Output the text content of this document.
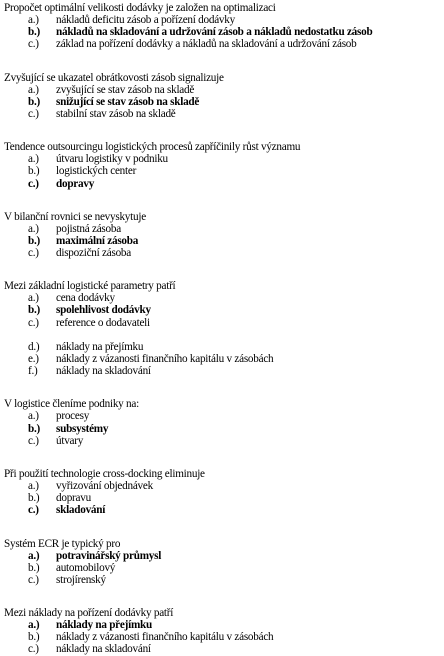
Propočet optimální velikosti dodávky je založen na optimalizaci
a.)	nákladů deficitu zásob a pořízení dodávky
b.)	nákladů na skladování a udržování zásob a nákladů nedostatku zásob
c.)	základ na pořízení dodávky a nákladů na skladování a udržování zásob
Zvyšující se ukazatel obrátkovosti zásob signalizuje
a.)	zvyšující se stav zásob na skladě
b.)	snižující se stav zásob na skladě
c.)	stabilní stav zásob na skladě
Tendence outsourcingu logistických procesů zapříčinily růst významu
a.)	útvaru logistiky v podniku
b.)	logistických center
c.)	dopravy
V bilanční rovnici se nevyskytuje
a.)	pojistná zásoba
b.)	maximální zásoba
c.)	dispoziční zásoba
Mezi základní logistické parametry patří
a.)	cena dodávky
b.)	spolehlivost dodávky
c.)	reference o dodavateli
d.)	náklady na přejímku
e.)	náklady z vázanosti finančního kapitálu v zásobách
f.)	náklady na skladování
V logistice členíme podniky na:
a.)	procesy
b.)	subsystémy
c.)	útvary
Při použití technologie cross-docking eliminuje
a.)	vyřizování objednávek
b.)	dopravu
c.)	skladování
Systém ECR je typický pro
a.)	potravinářský průmysl
b.)	automobilový
c.)	strojírenský
Mezi náklady na pořízení dodávky patří
a.)	náklady na přejímku
b.)	náklady z vázanosti finančního kapitálu v zásobách
c.)	náklady na skladování
